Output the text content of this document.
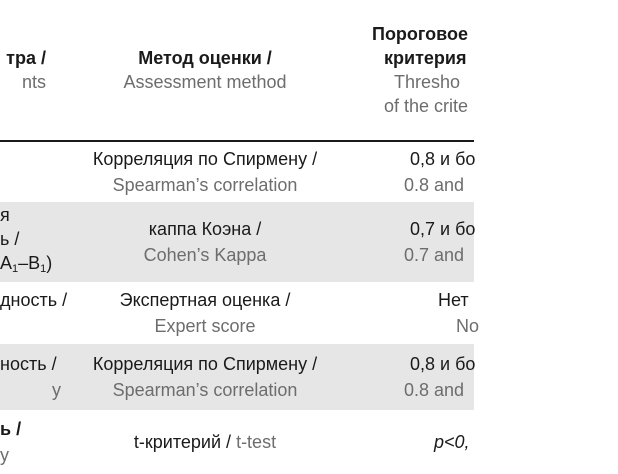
тра /
nts
Метод оценки /
Assessment method
Пороговое
критерия
Thresho
of the crite
Корреляция по Спирмену /
Spearman’s correlation
0,8 и бо
0.8 and
я
ь /
$A_1-B_1$)
каппа Коэна /
Cohen’s Kappa
0,7 и бо
0.7 and
дность /
	Экспертная оценка /
Expert score
Нет
No
ность /
у
Корреляция по Спирмену /
Spearman’s correlation
0,8 и бо
0.8 and
ь /
у
t-критерий /
t-test	p<0,
